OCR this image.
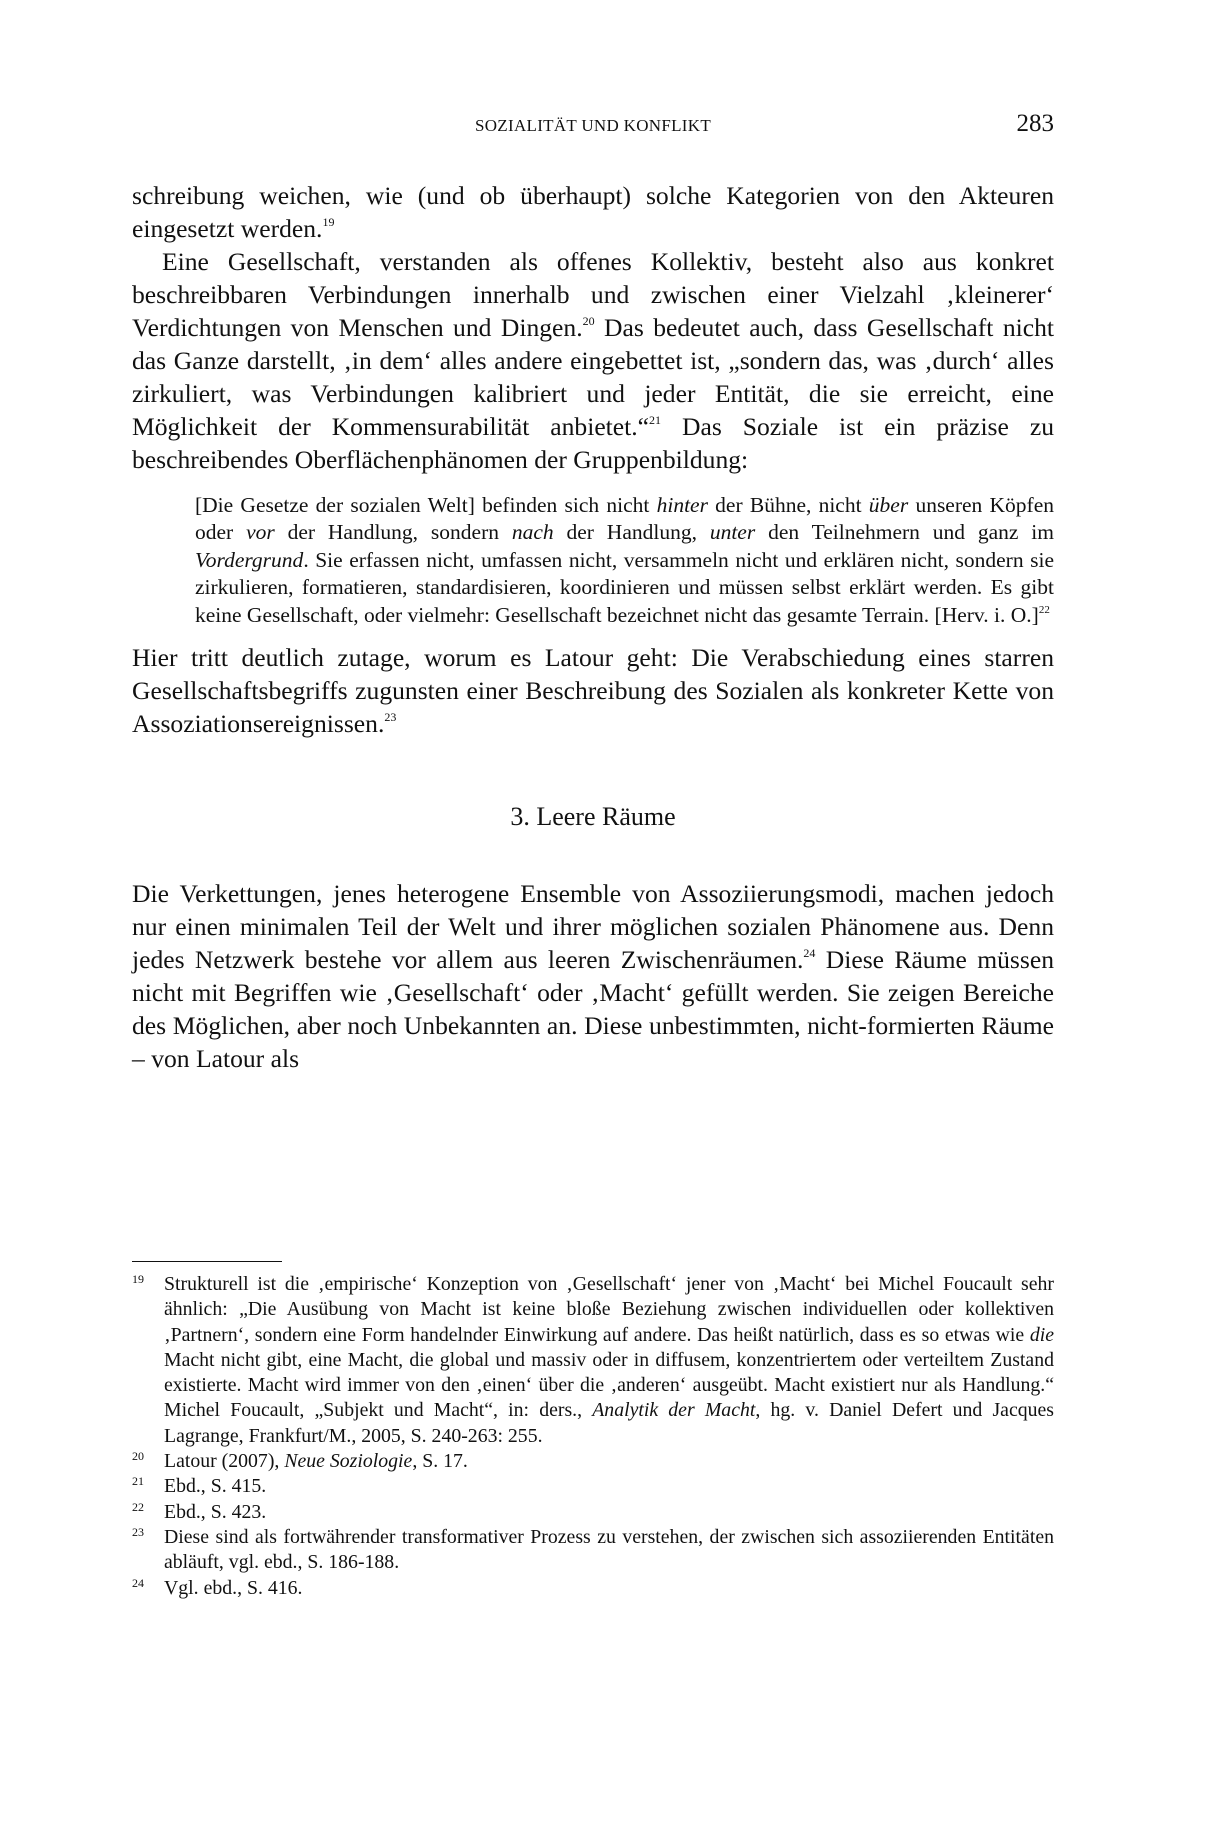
SOZIALITÄT UND KONFLIKT	283

schreibung weichen, wie (und ob überhaupt) solche Kategorien von den Akteuren eingesetzt werden.$^{19}$

Eine Gesellschaft, verstanden als offenes Kollektiv, besteht also aus konkret beschreibbaren Verbindungen innerhalb und zwischen einer Vielzahl ‚kleinerer‘ Verdichtungen von Menschen und Dingen.$^{20}$ Das bedeutet auch, dass Gesellschaft nicht das Ganze darstellt, ‚in dem‘ alles andere eingebettet ist, „sondern das, was ‚durch‘ alles zirkuliert, was Verbindungen kalibriert und jeder Entität, die sie erreicht, eine Möglichkeit der Kommensurabilität anbietet.“$^{21}$ Das Soziale ist ein präzise zu beschreibendes Oberflächenphänomen der Gruppenbildung:

[Die Gesetze der sozialen Welt] befinden sich nicht hinter der Bühne, nicht über unseren Köpfen oder vor der Handlung, sondern nach der Handlung, unter den Teilnehmern und ganz im Vordergrund. Sie erfassen nicht, umfassen nicht, versammeln nicht und erklären nicht, sondern sie zirkulieren, formatieren, standardisieren, koordinieren und müssen selbst erklärt werden. Es gibt keine Gesellschaft, oder vielmehr: Gesellschaft bezeichnet nicht das gesamte Terrain. [Herv. i. O.]$^{22}$

Hier tritt deutlich zutage, worum es Latour geht: Die Verabschiedung eines starren Gesellschaftsbegriffs zugunsten einer Beschreibung des Sozialen als konkreter Kette von Assoziationsereignissen.$^{23}$

3. Leere Räume

Die Verkettungen, jenes heterogene Ensemble von Assoziierungsmodi, machen jedoch nur einen minimalen Teil der Welt und ihrer möglichen sozialen Phänomene aus. Denn jedes Netzwerk bestehe vor allem aus leeren Zwischenräumen.$^{24}$ Diese Räume müssen nicht mit Begriffen wie ‚Gesellschaft‘ oder ‚Macht‘ gefüllt werden. Sie zeigen Bereiche des Möglichen, aber noch Unbekannten an. Diese unbestimmten, nicht-formierten Räume – von Latour als

19 Strukturell ist die ‚empirische‘ Konzeption von ‚Gesellschaft‘ jener von ‚Macht‘ bei Michel Foucault sehr ähnlich: „Die Ausübung von Macht ist keine bloße Beziehung zwischen individuellen oder kollektiven ‚Partnern‘, sondern eine Form handelnder Einwirkung auf andere. Das heißt natürlich, dass es so etwas wie die Macht nicht gibt, eine Macht, die global und massiv oder in diffusem, konzentriertem oder verteiltem Zustand existierte. Macht wird immer von den ‚einen‘ über die ‚anderen‘ ausgeübt. Macht existiert nur als Handlung.“ Michel Foucault, „Subjekt und Macht“, in: ders., Analytik der Macht, hg. v. Daniel Defert und Jacques Lagrange, Frankfurt/M., 2005, S. 240-263: 255.
20 Latour (2007), Neue Soziologie, S. 17.
21 Ebd., S. 415.
22 Ebd., S. 423.
23 Diese sind als fortwährender transformativer Prozess zu verstehen, der zwischen sich assoziierenden Entitäten abläuft, vgl. ebd., S. 186-188.
24 Vgl. ebd., S. 416.
